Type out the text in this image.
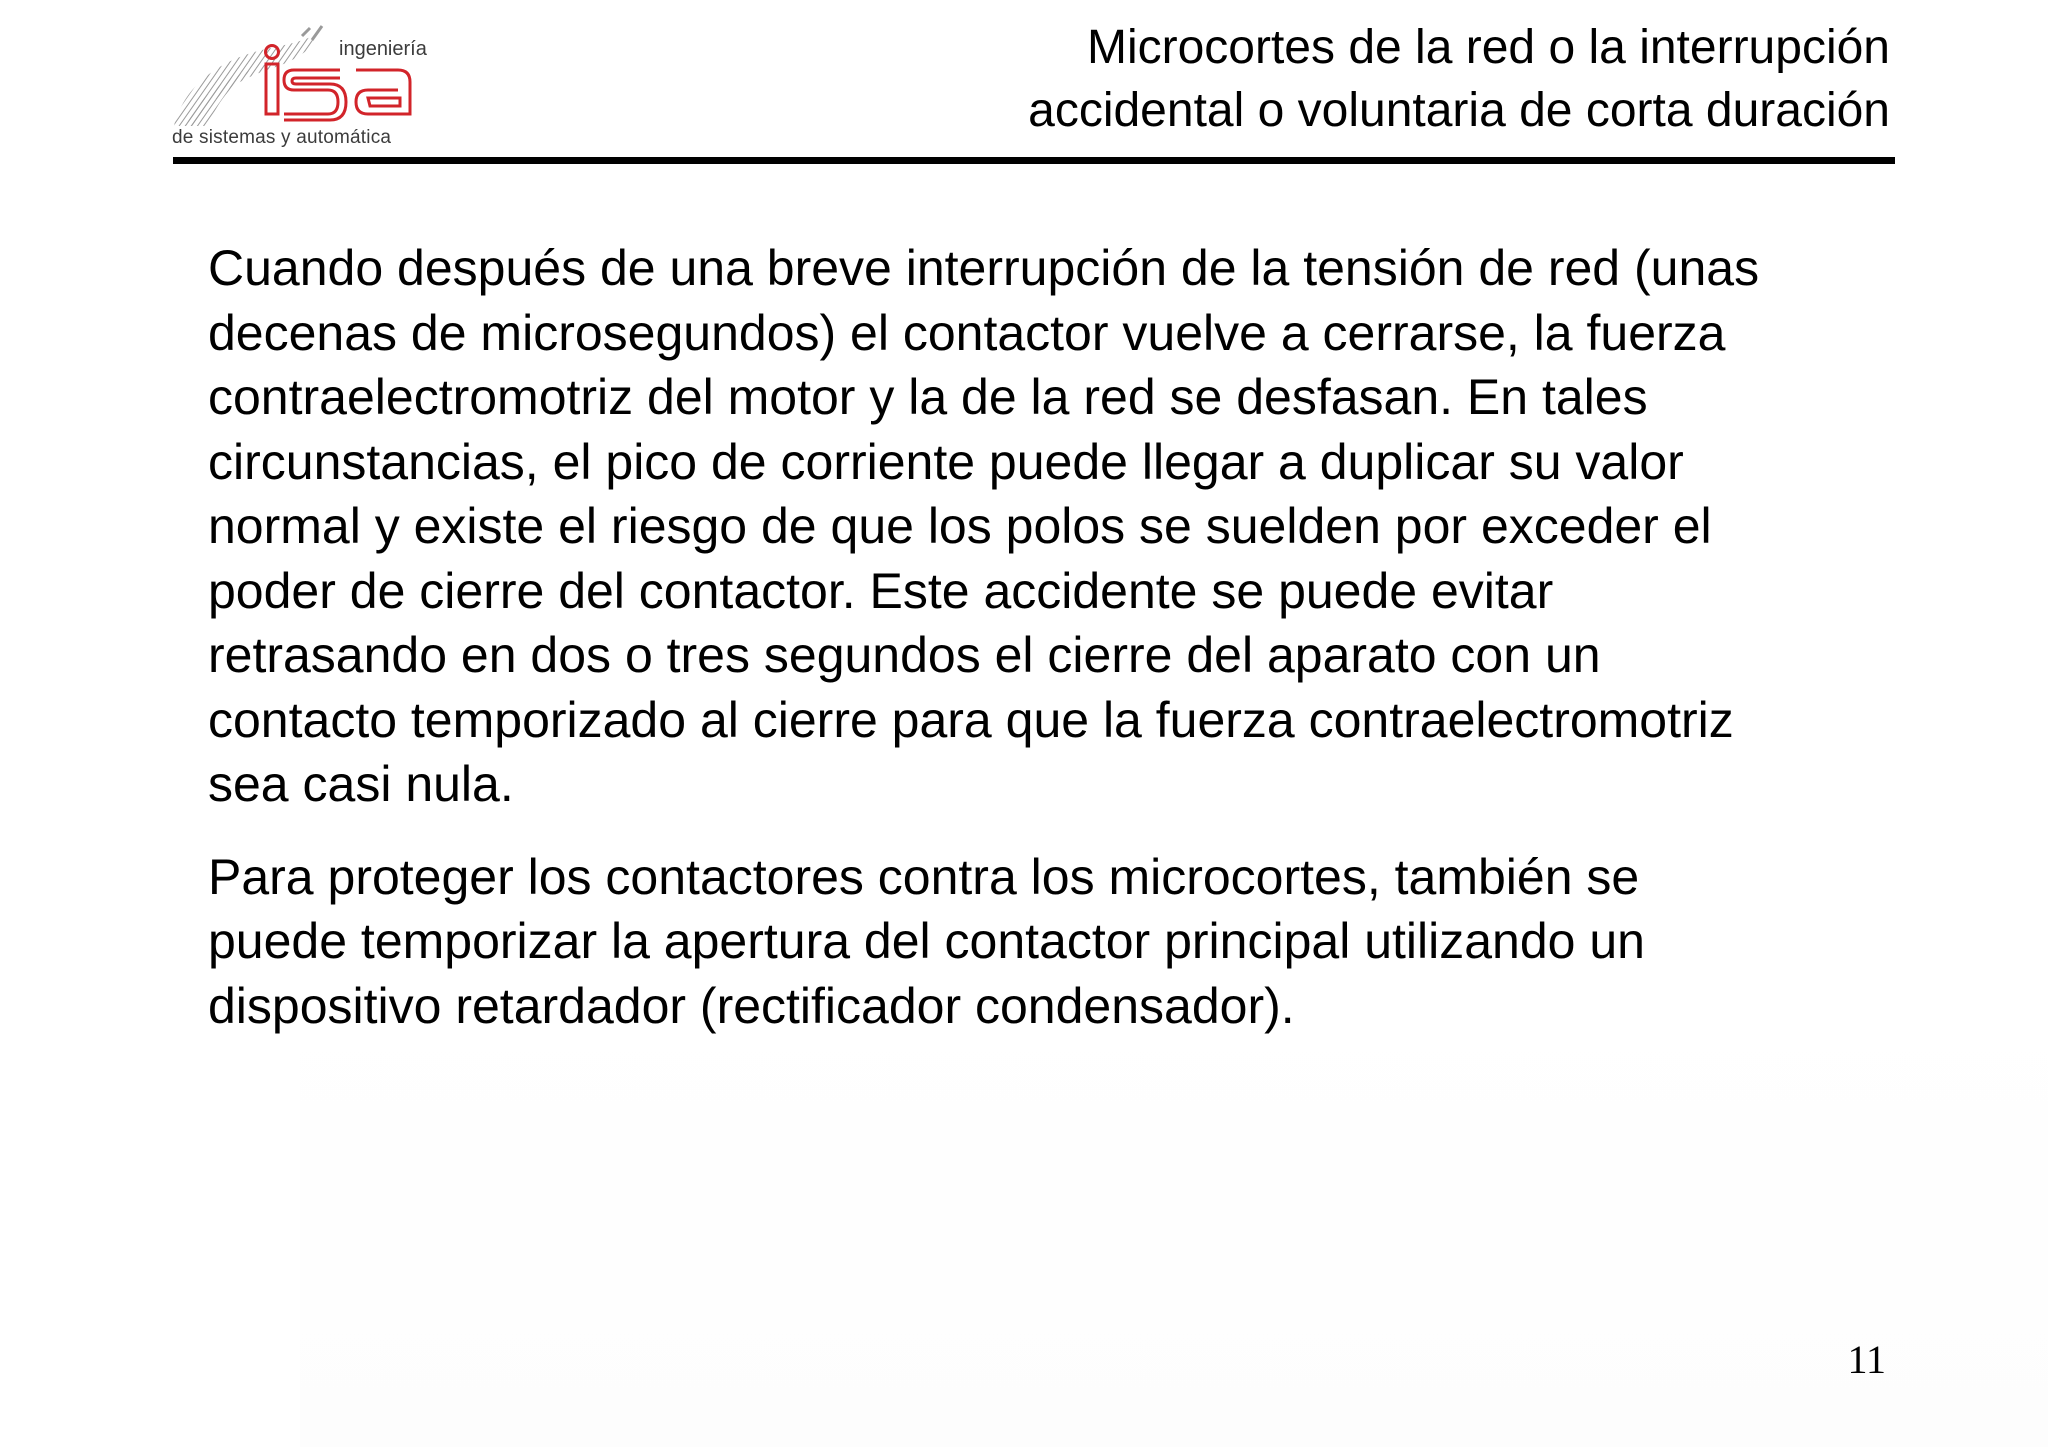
ingeniería
de sistemas y automática
Microcortes de la red o la interrupción
accidental o voluntaria de corta duración

Cuando después de una breve interrupción de la tensión de red (unas
decenas de microsegundos) el contactor vuelve a cerrarse, la fuerza
contraelectromotriz del motor y la de la red se desfasan. En tales
circunstancias, el pico de corriente puede llegar a duplicar su valor
normal y existe el riesgo de que los polos se suelden por exceder el
poder de cierre del contactor. Este accidente se puede evitar
retrasando en dos o tres segundos el cierre del aparato con un
contacto temporizado al cierre para que la fuerza contraelectromotriz
sea casi nula.

Para proteger los contactores contra los microcortes, también se
puede temporizar la apertura del contactor principal utilizando un
dispositivo retardador (rectificador condensador).

11
